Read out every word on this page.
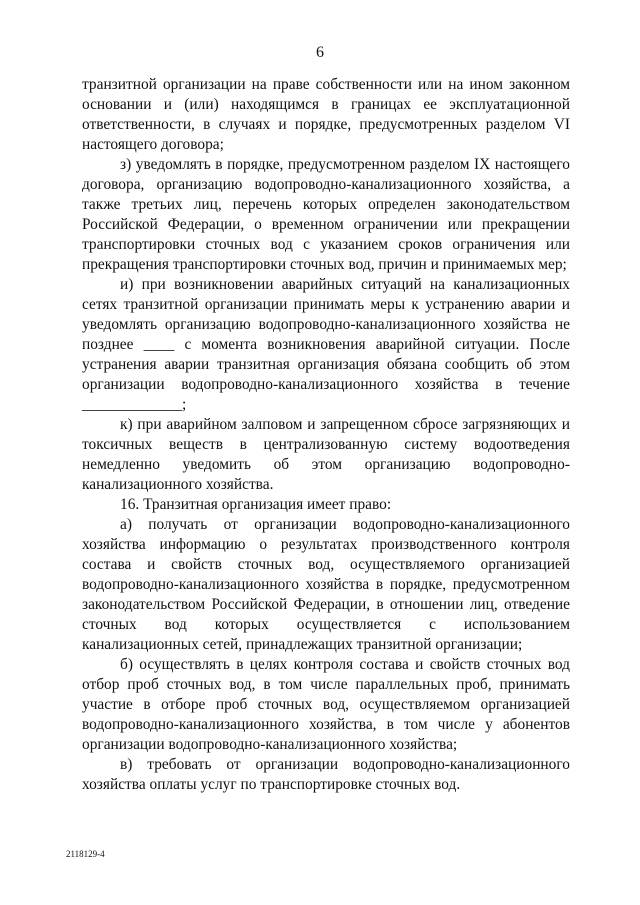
6

транзитной организации на праве собственности или на ином законном основании и (или) находящимся в границах ее эксплуатационной ответственности, в случаях и порядке, предусмотренных разделом VI настоящего договора;

з) уведомлять в порядке, предусмотренном разделом IX настоящего договора, организацию водопроводно-канализационного хозяйства, а также третьих лиц, перечень которых определен законодательством Российской Федерации, о временном ограничении или прекращении транспортировки сточных вод с указанием сроков ограничения или прекращения транспортировки сточных вод, причин и принимаемых мер;

и) при возникновении аварийных ситуаций на канализационных сетях транзитной организации принимать меры к устранению аварии и уведомлять организацию водопроводно-канализационного хозяйства не позднее ____ с момента возникновения аварийной ситуации. После устранения аварии транзитная организация обязана сообщить об этом организации водопроводно-канализационного хозяйства в течение _____________;

к) при аварийном залповом и запрещенном сбросе загрязняющих и токсичных веществ в централизованную систему водоотведения немедленно уведомить об этом организацию водопроводно-канализационного хозяйства.

16. Транзитная организация имеет право:

а) получать от организации водопроводно-канализационного хозяйства информацию о результатах производственного контроля состава и свойств сточных вод, осуществляемого организацией водопроводно-канализационного хозяйства в порядке, предусмотренном законодательством Российской Федерации, в отношении лиц, отведение сточных вод которых осуществляется с использованием канализационных сетей, принадлежащих транзитной организации;

б) осуществлять в целях контроля состава и свойств сточных вод отбор проб сточных вод, в том числе параллельных проб, принимать участие в отборе проб сточных вод, осуществляемом организацией водопроводно-канализационного хозяйства, в том числе у абонентов организации водопроводно-канализационного хозяйства;

в) требовать от организации водопроводно-канализационного хозяйства оплаты услуг по транспортировке сточных вод.

2118129-4
